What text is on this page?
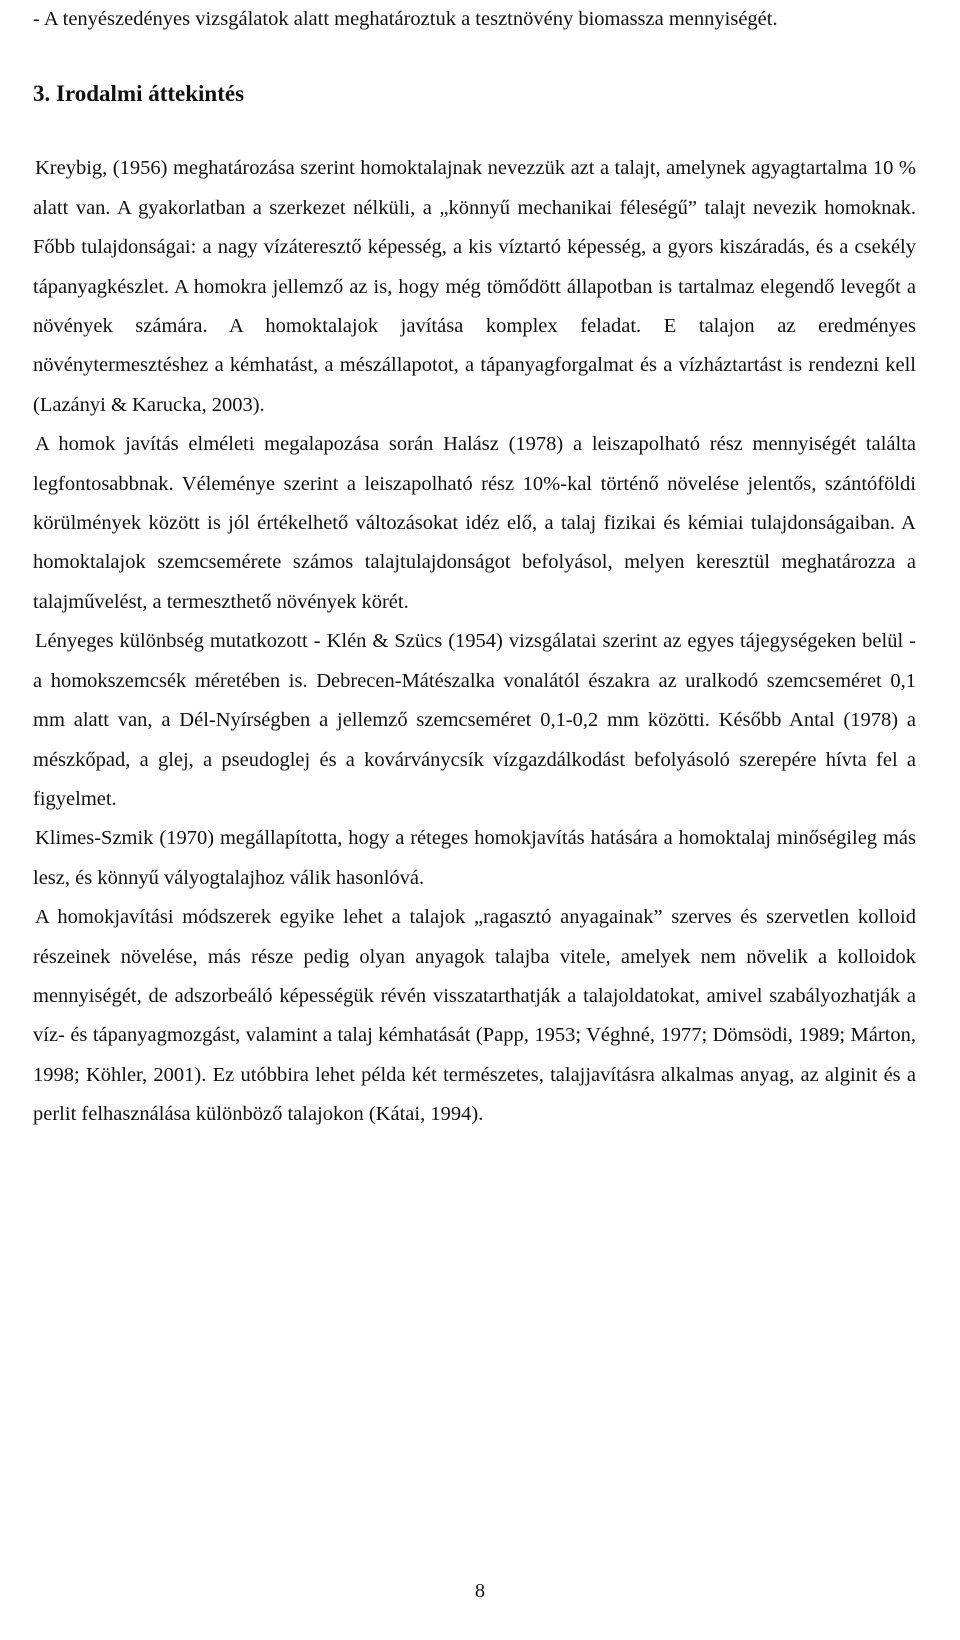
- A tenyészedényes vizsgálatok alatt meghatároztuk a tesztnövény biomassza mennyiségét.

3. Irodalmi áttekintés

Kreybig, (1956) meghatározása szerint homoktalajnak nevezzük azt a talajt, amelynek agyagtartalma 10 % alatt van. A gyakorlatban a szerkezet nélküli, a „könnyű mechanikai féleségű” talajt nevezik homoknak. Főbb tulajdonságai: a nagy vízáteresztő képesség, a kis víztartó képesség, a gyors kiszáradás, és a csekély tápanyagkészlet. A homokra jellemző az is, hogy még tömődött állapotban is tartalmaz elegendő levegőt a növények számára. A homoktalajok javítása komplex feladat. E talajon az eredményes növénytermesztéshez a kémhatást, a mészállapotot, a tápanyagforgalmat és a vízháztartást is rendezni kell (Lazányi & Karucka, 2003).

A homok javítás elméleti megalapozása során Halász (1978) a leiszapolható rész mennyiségét találta legfontosabbnak. Véleménye szerint a leiszapolható rész 10%-kal történő növelése jelentős, szántóföldi körülmények között is jól értékelhető változásokat idéz elő, a talaj fizikai és kémiai tulajdonságaiban. A homoktalajok szemcsemérete számos talajtulajdonságot befolyásol, melyen keresztül meghatározza a talajművelést, a termeszthető növények körét.

Lényeges különbség mutatkozott - Klén & Szücs (1954) vizsgálatai szerint az egyes tájegységeken belül - a homokszemcsék méretében is. Debrecen-Mátészalka vonalától északra az uralkodó szemcseméret 0,1 mm alatt van, a Dél-Nyírségben a jellemző szemcseméret 0,1-0,2 mm közötti. Később Antal (1978) a mészkőpad, a glej, a pseudoglej és a kovárványcsík vízgazdálkodást befolyásoló szerepére hívta fel a figyelmet.

Klimes-Szmik (1970) megállapította, hogy a réteges homokjavítás hatására a homoktalaj minőségileg más lesz, és könnyű vályogtalajhoz válik hasonlóvá.

A homokjavítási módszerek egyike lehet a talajok „ragasztó anyagainak” szerves és szervetlen kolloid részeinek növelése, más része pedig olyan anyagok talajba vitele, amelyek nem növelik a kolloidok mennyiségét, de adszorbeáló képességük révén visszatarthatják a talajoldatokat, amivel szabályozhatják a víz- és tápanyagmozgást, valamint a talaj kémhatását (Papp, 1953; Véghné, 1977; Dömsödi, 1989; Márton, 1998; Köhler, 2001). Ez utóbbira lehet példa két természetes, talajjavításra alkalmas anyag, az alginit és a perlit felhasználása különböző talajokon (Kátai, 1994).

8
